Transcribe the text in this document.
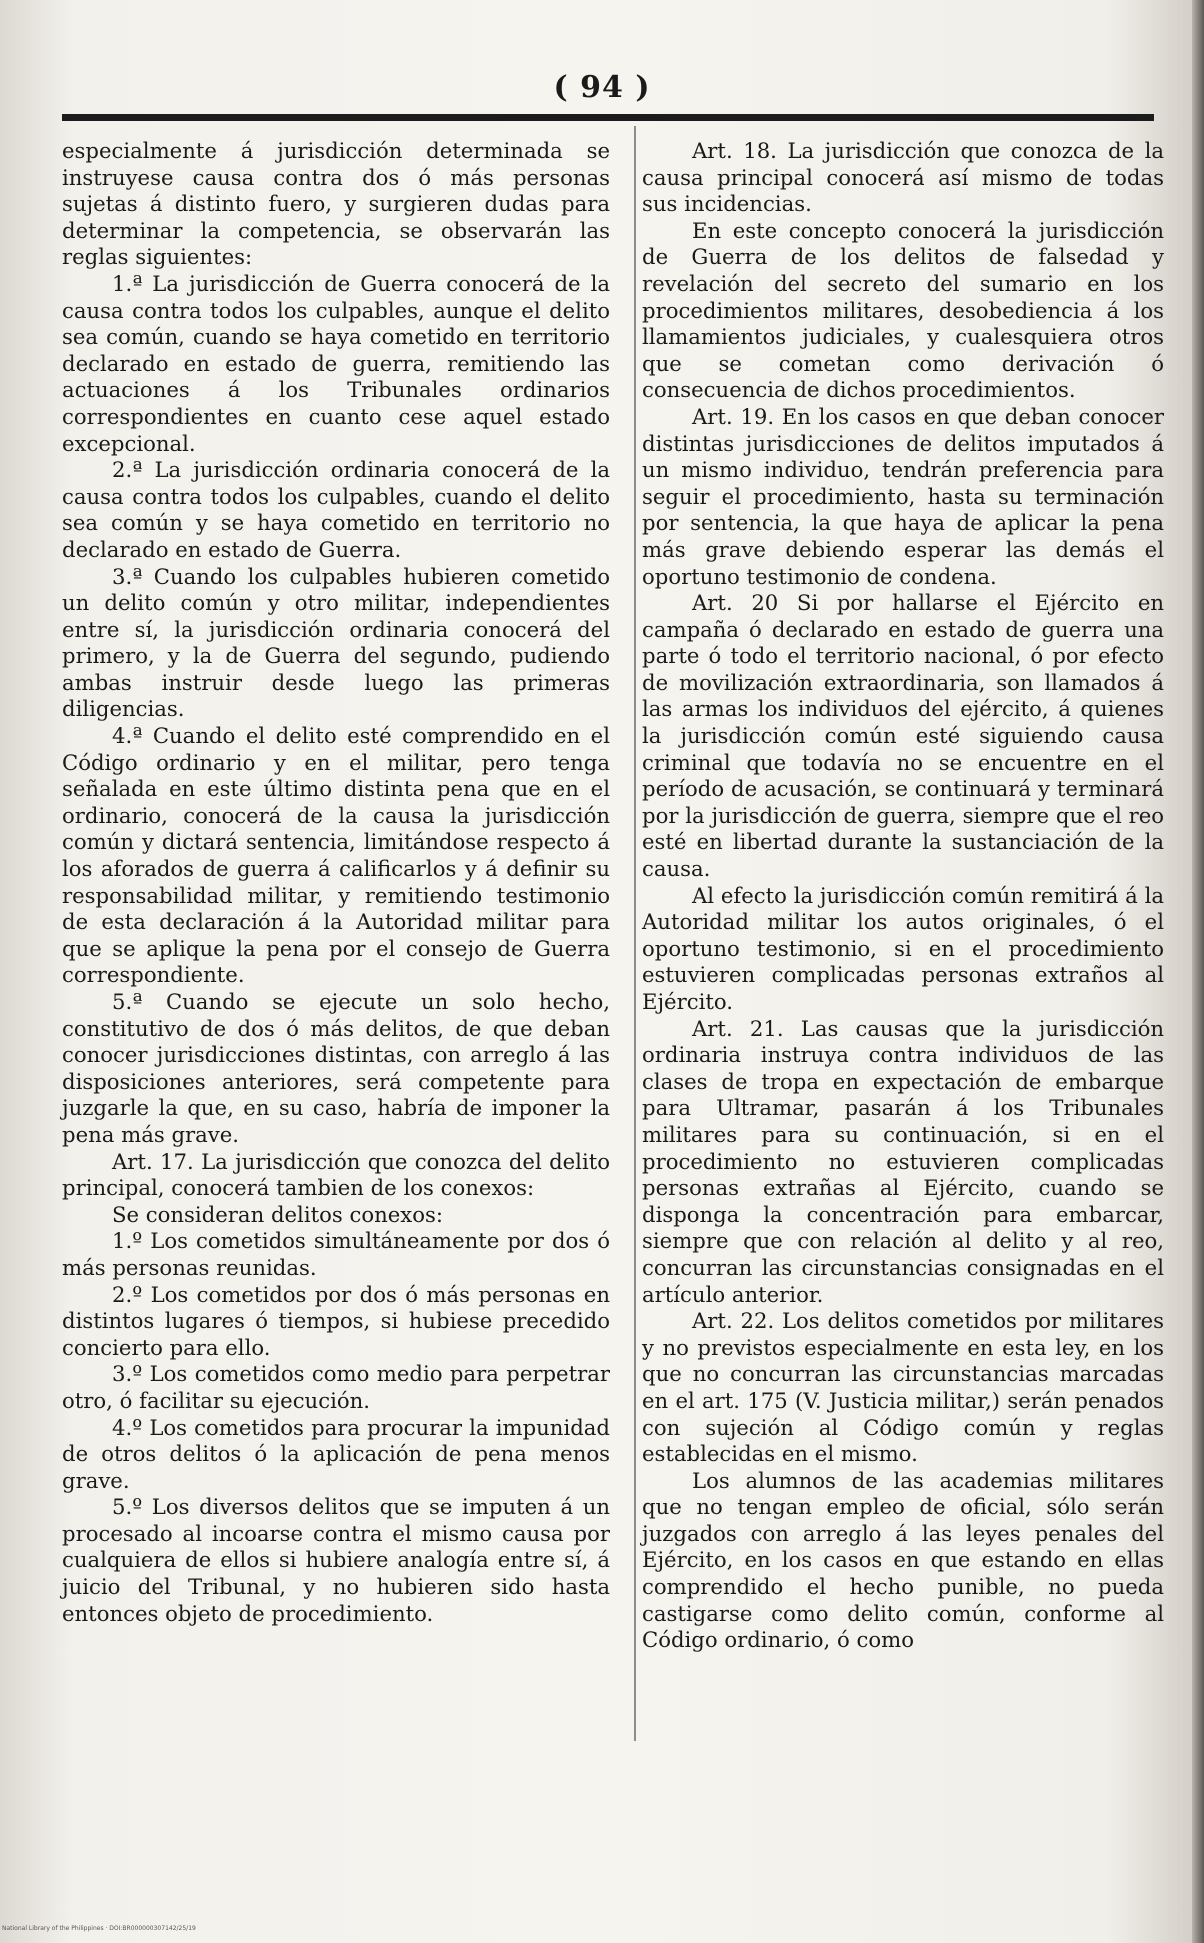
( 94 )

especialmente á jurisdicción determinada se instruyese causa contra dos ó más personas sujetas á distinto fuero, y surgieren dudas para determinar la competencia, se observarán las reglas siguientes:

1.ª La jurisdicción de Guerra conocerá de la causa contra todos los culpables, aunque el delito sea común, cuando se haya cometido en territorio declarado en estado de guerra, remitiendo las actuaciones á los Tribunales ordinarios correspondientes en cuanto cese aquel estado excepcional.

2.ª La jurisdicción ordinaria conocerá de la causa contra todos los culpables, cuando el delito sea común y se haya cometido en territorio no declarado en estado de Guerra.

3.ª Cuando los culpables hubieren cometido un delito común y otro militar, independientes entre sí, la jurisdicción ordinaria conocerá del primero, y la de Guerra del segundo, pudiendo ambas instruir desde luego las primeras diligencias.

4.ª Cuando el delito esté comprendido en el Código ordinario y en el militar, pero tenga señalada en este último distinta pena que en el ordinario, conocerá de la causa la jurisdicción común y dictará sentencia, limitándose respecto á los aforados de guerra á calificarlos y á definir su responsabilidad militar, y remitiendo testimonio de esta declaración á la Autoridad militar para que se aplique la pena por el consejo de Guerra correspondiente.

5.ª Cuando se ejecute un solo hecho, constitutivo de dos ó más delitos, de que deban conocer jurisdicciones distintas, con arreglo á las disposiciones anteriores, será competente para juzgarle la que, en su caso, habría de imponer la pena más grave.

Art. 17. La jurisdicción que conozca del delito principal, conocerá tambien de los conexos:

Se consideran delitos conexos:

1.º Los cometidos simultáneamente por dos ó más personas reunidas.

2.º Los cometidos por dos ó más personas en distintos lugares ó tiempos, si hubiese precedido concierto para ello.

3.º Los cometidos como medio para perpetrar otro, ó facilitar su ejecución.

4.º Los cometidos para procurar la impunidad de otros delitos ó la aplicación de pena menos grave.

5.º Los diversos delitos que se imputen á un procesado al incoarse contra el mismo causa por cualquiera de ellos si hubiere analogía entre sí, á juicio del Tribunal, y no hubieren sido hasta entonces objeto de procedimiento.

Art. 18. La jurisdicción que conozca de la causa principal conocerá así mismo de todas sus incidencias.

En este concepto conocerá la jurisdicción de Guerra de los delitos de falsedad y revelación del secreto del sumario en los procedimientos militares, desobediencia á los llamamientos judiciales, y cualesquiera otros que se cometan como derivación ó consecuencia de dichos procedimientos.

Art. 19. En los casos en que deban conocer distintas jurisdicciones de delitos imputados á un mismo individuo, tendrán preferencia para seguir el procedimiento, hasta su terminación por sentencia, la que haya de aplicar la pena más grave debiendo esperar las demás el oportuno testimonio de condena.

Art. 20 Si por hallarse el Ejército en campaña ó declarado en estado de guerra una parte ó todo el territorio nacional, ó por efecto de movilización extraordinaria, son llamados á las armas los individuos del ejército, á quienes la jurisdicción común esté siguiendo causa criminal que todavía no se encuentre en el período de acusación, se continuará y terminará por la jurisdicción de guerra, siempre que el reo esté en libertad durante la sustanciación de la causa.

Al efecto la jurisdicción común remitirá á la Autoridad militar los autos originales, ó el oportuno testimonio, si en el procedimiento estuvieren complicadas personas extraños al Ejército.

Art. 21. Las causas que la jurisdicción ordinaria instruya contra individuos de las clases de tropa en expectación de embarque para Ultramar, pasarán á los Tribunales militares para su continuación, si en el procedimiento no estuvieren complicadas personas extrañas al Ejército, cuando se disponga la concentración para embarcar, siempre que con relación al delito y al reo, concurran las circunstancias consignadas en el artículo anterior.

Art. 22. Los delitos cometidos por militares y no previstos especialmente en esta ley, en los que no concurran las circunstancias marcadas en el art. 175 (V. Justicia militar,) serán penados con sujeción al Código común y reglas establecidas en el mismo.

Los alumnos de las academias militares que no tengan empleo de oficial, sólo serán juzgados con arreglo á las leyes penales del Ejército, en los casos en que estando en ellas comprendido el hecho punible, no pueda castigarse como delito común, conforme al Código ordinario, ó como

National Library of the Philippines · DOI:BR000000307142/25/19
